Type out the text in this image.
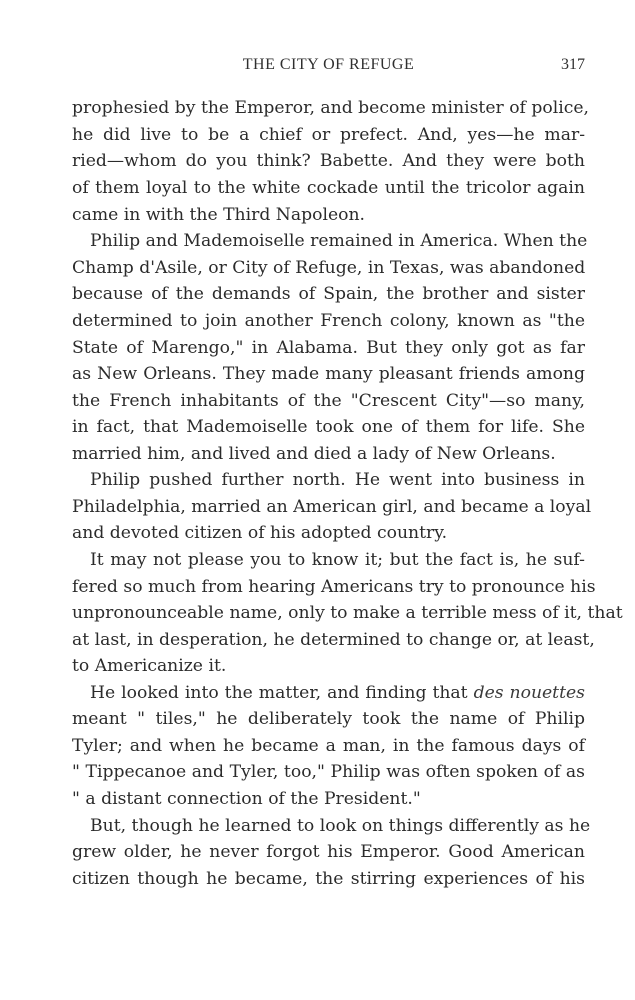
THE CITY OF REFUGE	317
prophesied by the Emperor, and become minister of police,
he did live to be a chief or prefect. And, yes—he mar-
ried—whom do you think? Babette. And they were both
of them loyal to the white cockade until the tricolor again
came in with the Third Napoleon.
Philip and Mademoiselle remained in America. When the
Champ d'Asile, or City of Refuge, in Texas, was abandoned
because of the demands of Spain, the brother and sister
determined to join another French colony, known as "the
State of Marengo," in Alabama. But they only got as far
as New Orleans. They made many pleasant friends among
the French inhabitants of the "Crescent City"—so many,
in fact, that Mademoiselle took one of them for life. She
married him, and lived and died a lady of New Orleans.
Philip pushed further north. He went into business in
Philadelphia, married an American girl, and became a loyal
and devoted citizen of his adopted country.
It may not please you to know it; but the fact is, he suf-
fered so much from hearing Americans try to pronounce his
unpronounceable name, only to make a terrible mess of it, that
at last, in desperation, he determined to change or, at least,
to Americanize it.
He looked into the matter, and finding that des nouettes
meant " tiles," he deliberately took the name of Philip
Tyler; and when he became a man, in the famous days of
" Tippecanoe and Tyler, too," Philip was often spoken of as
" a distant connection of the President."
But, though he learned to look on things differently as he
grew older, he never forgot his Emperor. Good American
citizen though he became, the stirring experiences of his
